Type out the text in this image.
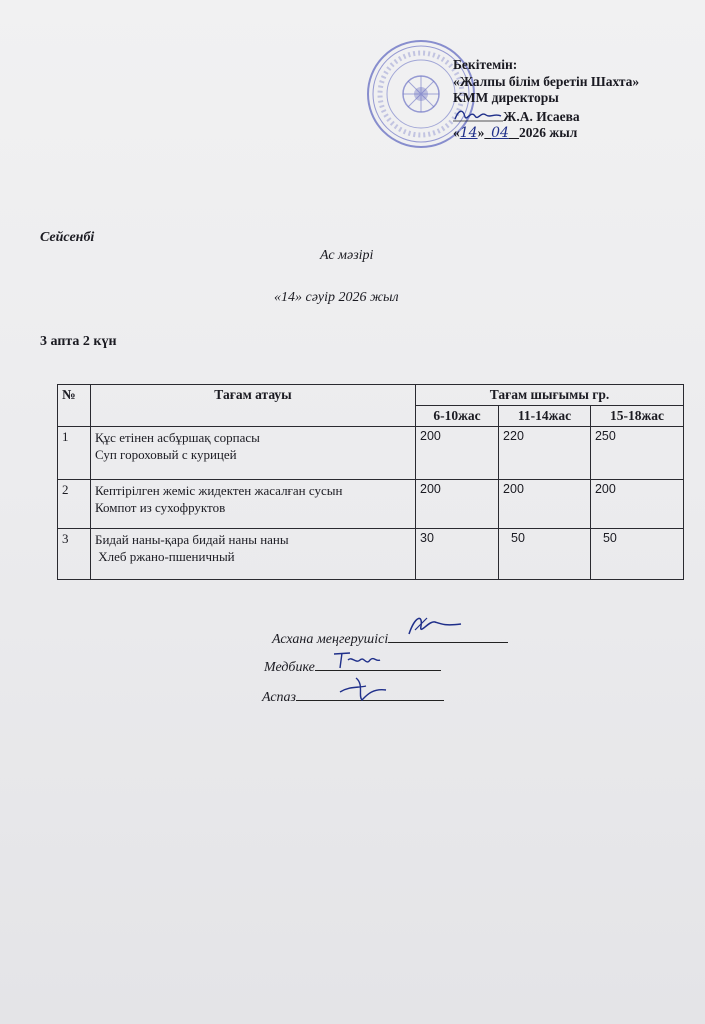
Бекітемін:
«Жалпы білім беретін Шахта»
КММ директоры
Ж.А. Исаева
«14» 04 2026 жыл
Сейсенбі
Ас мәзірі
«14» сәуір 2026 жыл
3 апта 2 күн
№	Тағам атауы	Тағам шығымы гр.		
		6-10жас	11-14жас	15-18жас
1	Құс етінен асбұршақ сорпасы
Суп гороховый с курицей	200	220	250
2	Кептірілген жеміс жидектен жасалған сусын
Компот из сухофруктов	200	200	200
3	Бидай наны-қара бидай наны наны
Хлеб ржано-пшеничный	30	50	50
Асхана меңгерушісі
Медбике
Аспаз
